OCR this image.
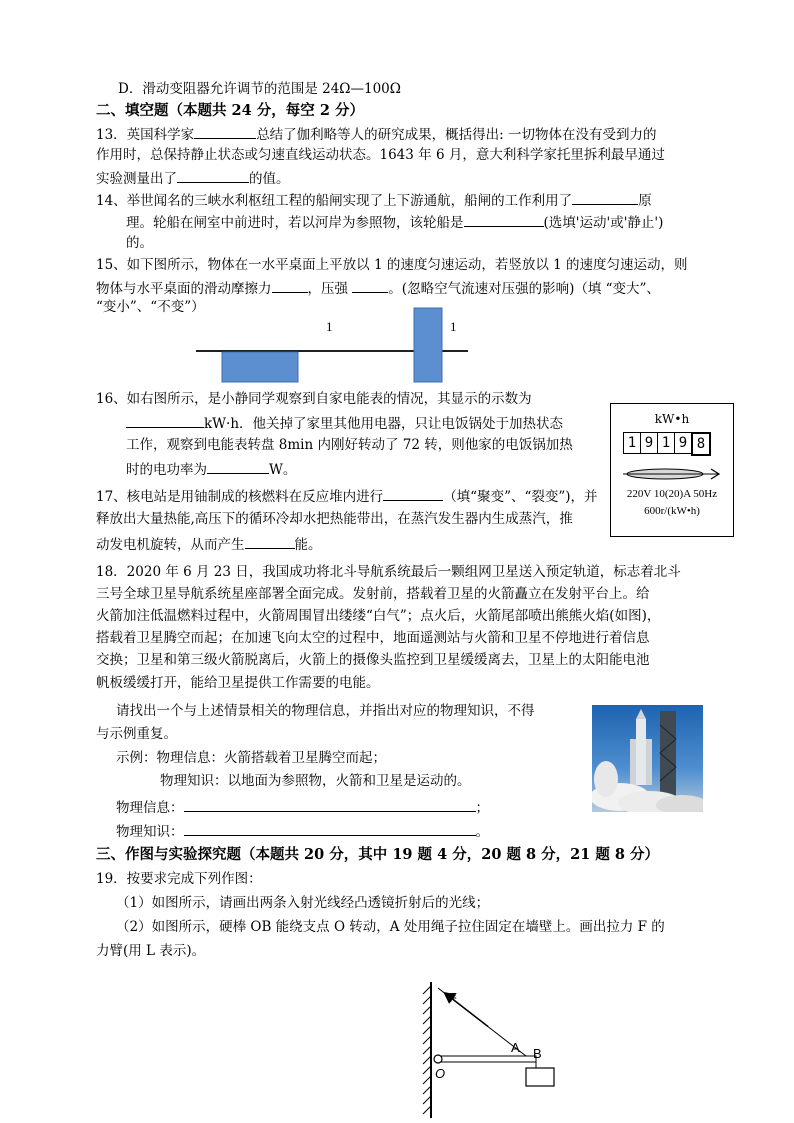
D．滑动变阻器允许调节的范围是 24Ω—100Ω
二、填空题（本题共 24 分，每空 2 分）
13．英国科学家	总结了伽利略等人的研究成果，概括得出: 一切物体在没有受到力的
作用时，总保持静止状态或匀速直线运动状态。1643 年 6 月，意大利科学家托里拆利最早通过
实验测量出了	的值。
14、举世闻名的三峡水利枢纽工程的船闸实现了上下游通航，船闸的工作利用了	原
理。轮船在闸室中前进时，若以河岸为参照物，该轮船是	(选填'运动'或'静止')
的。
15、如下图所示，物体在一水平桌面上平放以 1 的速度匀速运动，若竖放以 1 的速度匀速运动，则
物体与水平桌面的滑动摩擦力	，压强	。(忽略空气流速对压强的影响)（填 “变大”、
“变小”、“不变”）
1	1
16、如右图所示，是小静同学观察到自家电能表的情况，其显示的示数为
kW·h．他关掉了家里其他用电器，只让电饭锅处于加热状态
工作，观察到电能表转盘 8min 内刚好转动了 72 转，则他家的电饭锅加热
时的电功率为	W。
kW•h
1 9 1 9 8
220V 10(20)A 50Hz
600r/(kW•h)
17、核电站是用铀制成的核燃料在反应堆内进行	（填“聚变”、“裂变”)，并
释放出大量热能,高压下的循环冷却水把热能带出，在蒸汽发生器内生成蒸汽，推
动发电机旋转，从而产生	能。
18．2020 年 6 月 23 日，我国成功将北斗导航系统最后一颗组网卫星送入预定轨道，标志着北斗
三号全球卫星导航系统星座部署全面完成。发射前，搭载着卫星的火箭矗立在发射平台上。给
火箭加注低温燃料过程中，火箭周围冒出缕缕“白气”；点火后，火箭尾部喷出熊熊火焰(如图)，
搭载着卫星腾空而起；在加速飞向太空的过程中，地面遥测站与火箭和卫星不停地进行着信息
交换；卫星和第三级火箭脱离后，火箭上的摄像头监控到卫星缓缓离去，卫星上的太阳能电池
帆板缓缓打开，能给卫星提供工作需要的电能。
请找出一个与上述情景相关的物理信息，并指出对应的物理知识，不得
与示例重复。
示例：物理信息：火箭搭载着卫星腾空而起；
物理知识：以地面为参照物，火箭和卫星是运动的。
物理信息：	；
物理知识：	。
三、作图与实验探究题（本题共 20 分，其中 19 题 4 分，20 题 8 分，21 题 8 分）
19．按要求完成下列作图：
（1）如图所示，请画出两条入射光线经凸透镜折射后的光线；
（2）如图所示，硬棒 OB 能绕支点 O 转动，A 处用绳子拉住固定在墙壁上。画出拉力 F 的
力臂(用 L 表示)。
F
A B
O
